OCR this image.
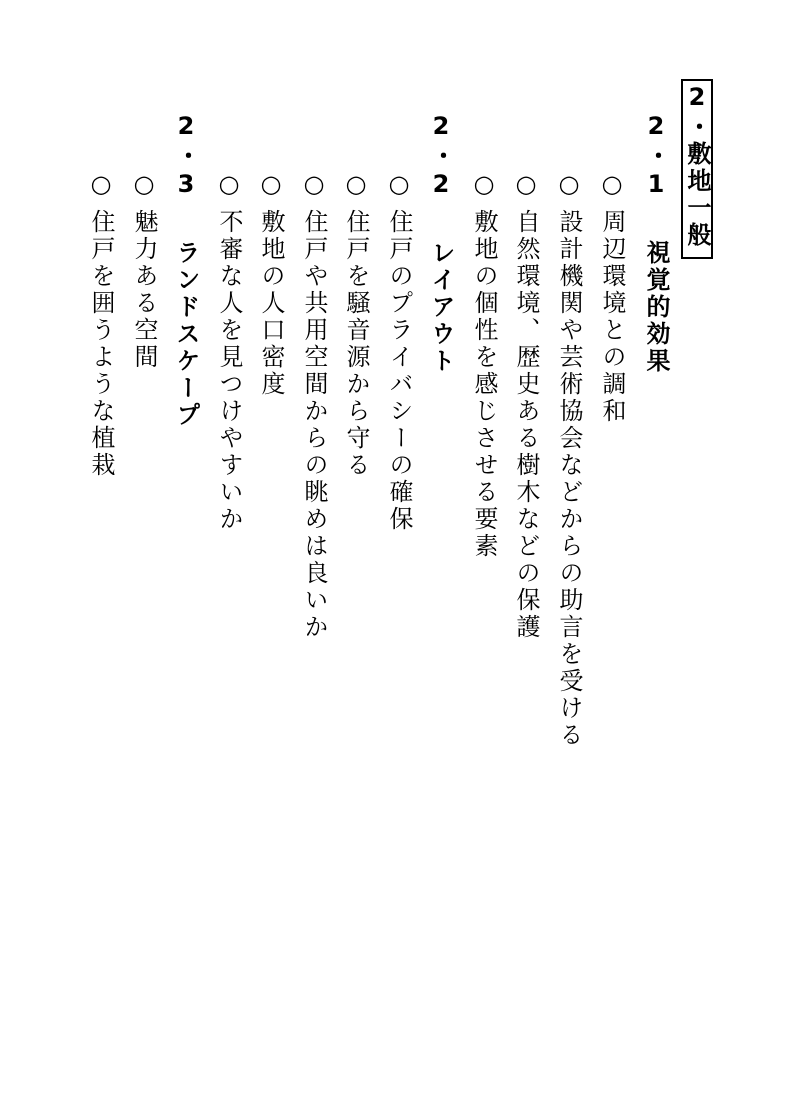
2・敷地一般
2・1 視覚的効果
○周辺環境との調和
○設計機関や芸術協会などからの助言を受ける
○自然環境、歴史ある樹木などの保護
○敷地の個性を感じさせる要素
2・2 レイアウト
○住戸のプライバシーの確保
○住戸を騒音源から守る
○住戸や共用空間からの眺めは良いか
○敷地の人口密度
○不審な人を見つけやすいか
2・3 ランドスケープ
○魅力ある空間
○住戸を囲うような植栽
